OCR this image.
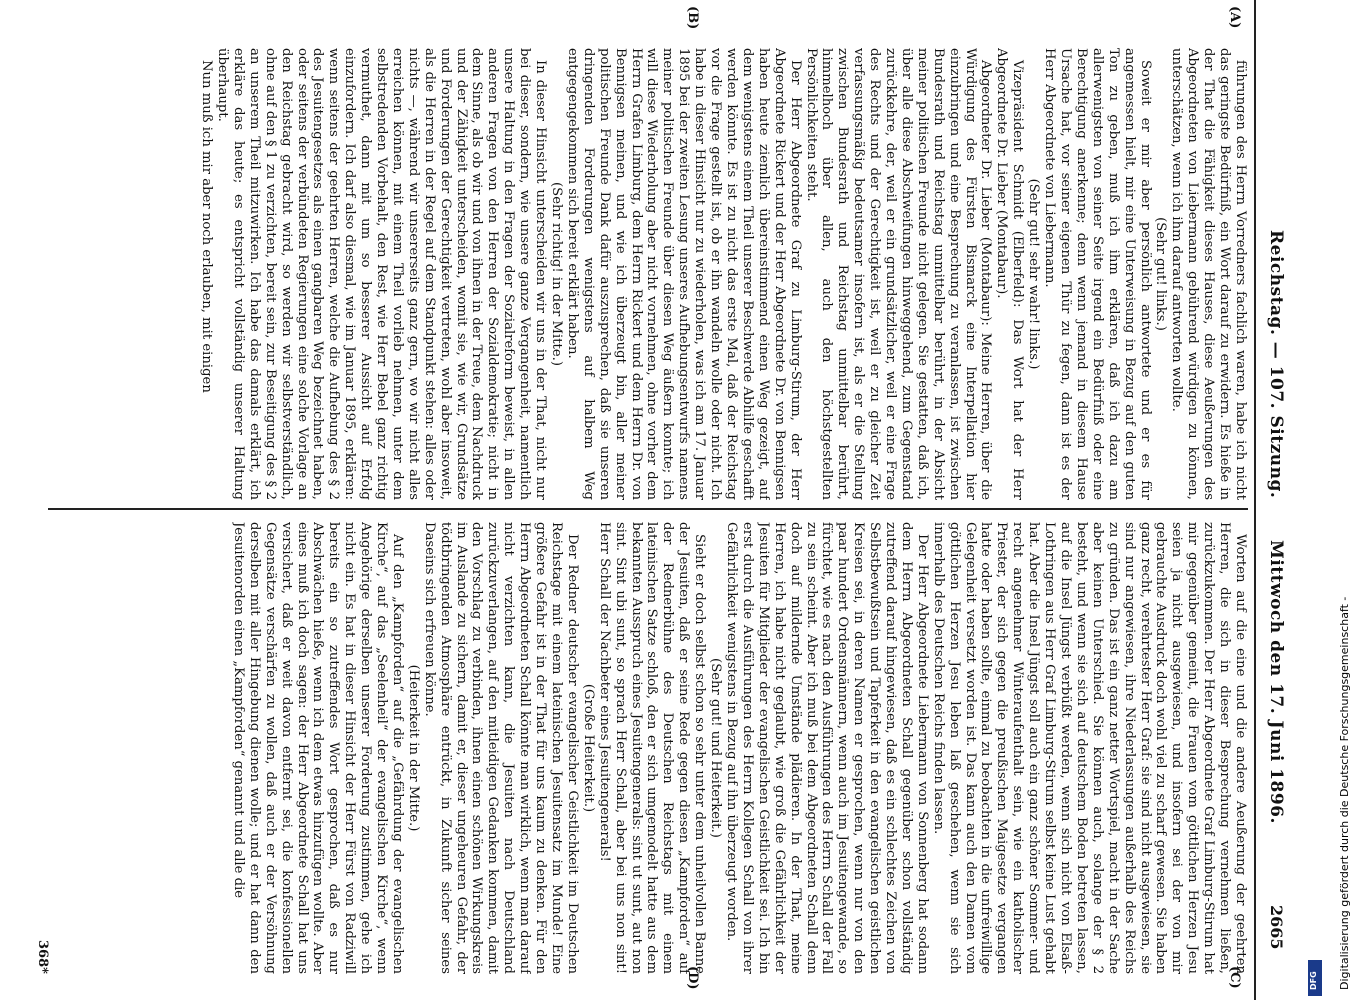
Reichstag. — 107. Sitzung.
Mittwoch den 17. Juni 1896.
2665
(A)
(B)
(C)
(D)

führungen des Herrn Vorredners fachlich waren, habe ich nicht das geringste Bedürfniß, ein Wort darauf zu erwidern. Es hieße in der That die Fähigkeit dieses Hauses, diese Aeußerungen des Abgeordneten von Liebermann gebührend würdigen zu können, unterschätzen, wenn ich ihm darauf antworten wollte.

(Sehr gut! links.)

Soweit er mir aber persönlich antwortete und er es für angemessen hielt, mir eine Unterweisung in Bezug auf den guten Ton zu geben, muß ich ihm erklären, daß ich dazu am allerwenigsten von seiner Seite irgend ein Bedürfniß oder eine Berechtigung anerkenne; denn wenn jemand in diesem Hause Ursache hat, vor seiner eigenen Thür zu fegen, dann ist es der Herr Abgeordnete von Liebermann.

(Sehr gut! sehr wahr! links.)

Vizepräsident Schmidt (Elberfeld): Das Wort hat der Herr Abgeordnete Dr. Lieber (Montabaur).

Abgeordneter Dr. Lieber (Montabaur): Meine Herren, über die Würdigung des Fürsten Bismarck eine Interpellation hier einzubringen und eine Besprechung zu veranlassen, ist zwischen Bundesrath und Reichstag unmittelbar berührt, in der Absicht meiner politischen Freunde nicht gelegen. Sie gestatten, daß ich, über alle diese Abschweifungen hinweggehend, zum Gegenstand zurückkehre, der, weil er ein grundsätzlicher, weil er eine Frage des Rechts und der Gerechtigkeit ist, weil er zu gleicher Zeit verfassungsmäßig bedeutsamer insofern ist, als er die Stellung zwischen Bundesrath und Reichstag unmittelbar berührt, himmelhoch über allen, auch den höchstgestellten Persönlichkeiten steht.

Der Herr Abgeordnete Graf zu Limburg-Stirum, der Herr Abgeordnete Rickert und der Herr Abgeordnete Dr. von Bennigsen haben heute ziemlich übereinstimmend einen Weg gezeigt, auf dem wenigstens einem Theil unserer Beschwerde Abhilfe geschafft werden könnte. Es ist zu nicht das erste Mal, daß der Reichstag vor die Frage gestellt ist, ob er ihn wandeln wolle oder nicht. Ich habe in dieser Hinsicht nur zu wiederholen, was ich am 17. Januar 1895 bei der zweiten Lesung unseres Aufhebungsentwurfs namens meiner politischen Freunde über diesen Weg äußern konnte; ich will diese Wiederholung aber nicht vornehmen, ohne vorher dem Herrn Grafen Limburg, dem Herrn Rickert und dem Herrn Dr. von Bennigsen meinen, und wie ich überzeugt bin, aller meiner politischen Freunde Dank dafür auszusprechen, daß sie unseren dringenden Forderungen wenigstens auf halbem Weg entgegengekommen sich bereit erklärt haben.

(Sehr richtig! in der Mitte.)

In dieser Hinsicht unterscheiden wir uns in der That, nicht nur bei dieser, sondern, wie unsere ganze Vergangenheit, namentlich unsere Haltung in den Fragen der Sozialreform beweist, in allen anderen Fragen von den Herren der Sozialdemokratie; nicht in dem Sinne, als ob wir und von ihnen in der Treue, dem Nachdruck und der Zähigkeit unterscheiden, womit sie, wie wir, Grundsätze und Forderungen der Gerechtigkeit vertreten, wohl aber insoweit, als die Herren in der Regel auf dem Standpunkt stehen: alles oder nichts —, während wir unsererseits ganz gern, wo wir nicht alles erreichen können, mit einem Theil vorlieb nehmen, unter dem selbstredenden Vorbehalt, den Rest, wie Herr Bebel ganz richtig vermuthet, dann mit um so besserer Aussicht auf Erfolg einzufordern. Ich darf also diesmal, wie im Januar 1895, erklären: wenn seitens der geehrten Herren, welche die Aufhebung des § 2 des Jesuitengesetzes als einen gangbaren Weg bezeichnet haben, oder seitens der verbündeten Regierungen eine solche Vorlage an den Reichstag gebracht wird, so werden wir selbstverständlich, ohne auf den § 1 zu verzichten, bereit sein, zur Beseitigung des § 2 an unserem Theil mitzuwirken. Ich habe das damals erklärt, ich erkläre das heute; es entspricht vollständig unserer Haltung überhaupt.

Nun muß ich mir aber noch erlauben, mit einigen

Worten auf die eine und die andere Aeußerung der geehrten Herren, die sich in dieser Besprechung vernehmen ließen, zurückzukommen. Der Herr Abgeordnete Graf Limburg-Stirum hat mir gegenüber gemeint, die Frauen vom göttlichen Herzen Jesu seien ja nicht ausgewiesen, und insofern sei der von mir gebrauchte Ausdruck doch wohl viel zu scharf gewesen. Sie haben ganz recht, verehrtester Herr Graf: sie sind nicht ausgewiesen, sie sind nur angewiesen, ihre Niederlassungen außerhalb des Reichs zu gründen. Das ist ein ganz netter Wortspiel, macht in der Sache aber keinen Unterschied. Sie können auch, solange der § 2 besteht, und wenn sie sich auf deutschem Boden betreten lassen, auf die Insel Jüngst verbüßt werden, wenn sich nicht von Elsaß-Lothringen aus Herr Graf Limburg-Stirum selbst keine Lust gehabt hat. Aber die Insel Jüngst soll auch ein ganz schöner Sommer- und recht angenehmer Winteraufenthalt sein, wie ein katholischer Priester, der sich gegen die preußischen Maigesetze vergangen hatte oder haben sollte, einmal zu beobachten in die unfreiwillige Gelegenheit versetzt worden ist. Das kann auch den Damen vom göttlichen Herzen Jesu leben laß geschehen, wenn sie sich innerhalb des Deutschen Reichs finden lassen.

Der Herr Abgeordnete Liebermann von Sonnenberg hat sodann dem Herrn Abgeordneten Schall gegenüber schon vollständig zutreffend darauf hingewiesen, daß es ein schlechtes Zeichen von Selbstbewußtsein und Tapferkeit in den evangelischen geistlichen Kreisen sei, in deren Namen er gesprochen, wenn nur von den paar hundert Ordensmännern, wenn auch im Jesuitengewande, so fürchtet, wie es nach den Ausführungen des Herrn Schall der Fall zu sein scheint. Aber ich muß bei dem Abgeordneten Schall denn doch auf mildernde Umstände plädieren. In der That, meine Herren, ich habe nicht geglaubt, wie groß die Gefährlichkeit der Jesuiten für Mitglieder der evangelischen Geistlichkeit sei. Ich bin erst durch die Ausführungen des Herrn Kollegen Schall von ihrer Gefährlichkeit wenigstens in Bezug auf ihn überzeugt worden.

(Sehr gut! und Heiterkeit.)

Sieht er doch selbst schon so sehr unter dem unheilvollen Banne der Jesuiten, daß er seine Rede gegen diesen „Kampforden“ auf der Rednerbühne des Deutschen Reichstags mit einem lateinischen Satze schloß, den er sich umgemodelt hatte aus dem bekannten Ausspruch eines Jesuitengenerals: sint ut sunt, aut non sint. Sint ubi sunt, so sprach Herr Schall, aber bei uns non sint! Herr Schall der Nachbeter eines Jesuitengenerals!

(Große Heiterkeit.)

Der Redner deutscher evangelischer Geistlichkeit im Deutschen Reichstage mit einem lateinischen Jesuitensatz im Munde! Eine größere Gefahr ist in der That für uns kaum zu denken. Für den Herrn Abgeordneten Schall könnte man wirklich, wenn man darauf nicht verzichten kann, die Jesuiten nach Deutschland zurückzuverlangen, auf den mitleidigen Gedanken kommen, damit den Vorschlag zu verbinden, ihnen einen schönen Wirkungskreis im Auslande zu sichern, damit er, dieser ungeheuren Gefahr, der tödtbringenden Atmosphäre entrückt, in Zukunft sicher seines Daseins sich erfreuen könne.

(Heiterkeit in der Mitte.)

Auf den „Kampforden“ auf die „Gefährdung der evangelischen Kirche“, auf das „Seelenheil“ der evangelischen Kirche“, wenn Angehörige derselben unserer Forderung zustimmen, gehe ich nicht ein. Es hat in dieser Hinsicht der Herr Fürst von Radziwill bereits ein so zutreffendes Wort gesprochen, daß es nur Abschwächen hieße, wenn ich dem etwas hinzufügen wollte. Aber eines muß ich doch sagen: der Herr Abgeordnete Schall hat uns versichert, daß er weit davon entfernt sei, die konfessionellen Gegensätze verschärfen zu wollen, daß auch er der Versöhnung derselben mit aller Hingebung dienen wolle; und er hat dann den Jesuitenorden einen „Kampforden“ genannt und alle die

368*	Digitalisierung gefördert durch die Deutsche Forschungsgemeinschaft -
DFG
